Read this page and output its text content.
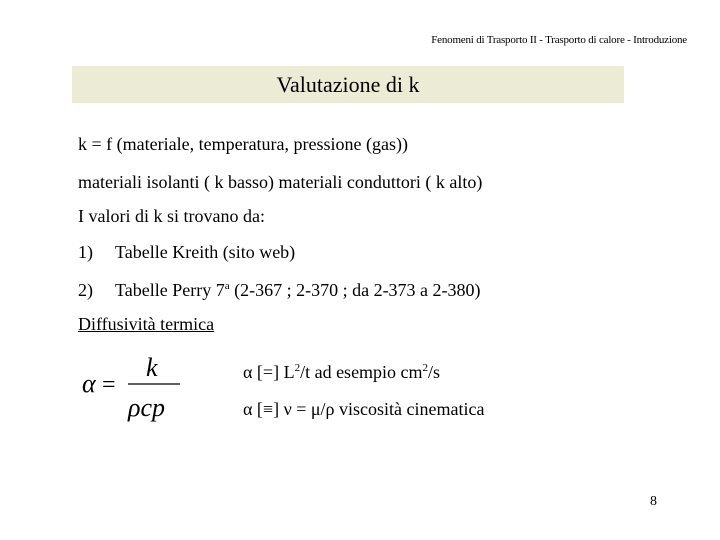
Fenomeni di Trasporto II - Trasporto di calore - Introduzione
Valutazione di k
k = f (materiale, temperatura, pressione (gas))
materiali isolanti ( k basso) materiali conduttori ( k alto)
I valori di k si trovano da:
1) Tabelle Kreith (sito web)
2) Tabelle Perry 7$^a$ (2-367 ; 2-370 ; da 2-373 a 2-380)
Diffusività termica
α =
k
ρcp
α [=] $L^2/t$ ad esempio $cm^2/s$
α [≡] ν = μ/ρ viscosità cinematica
8
